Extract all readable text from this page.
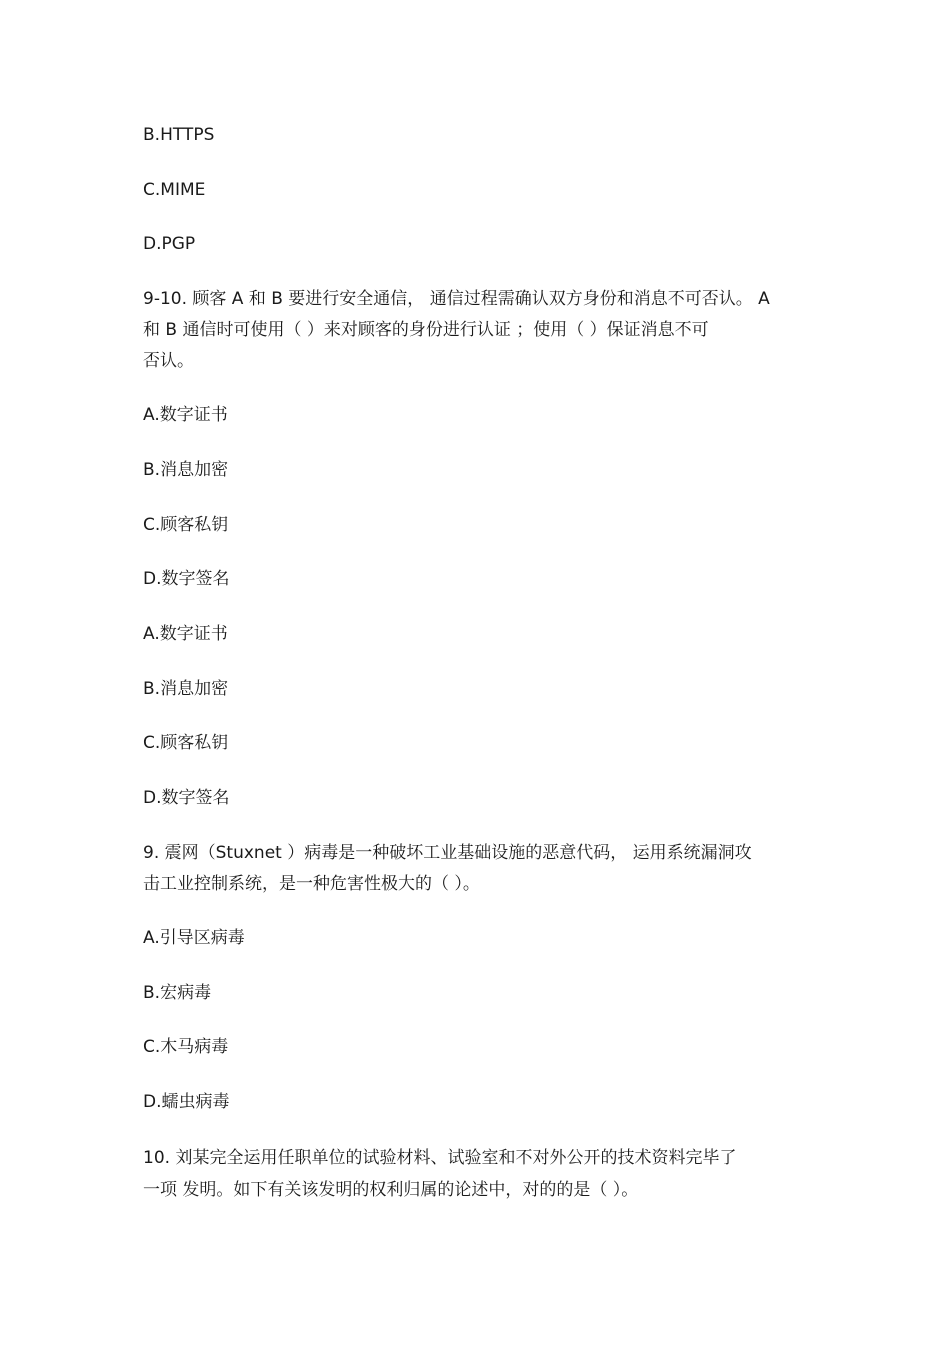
B.HTTPS
C.MIME
D.PGP
9-10. 顾客 A 和 B 要进行安全通信， 通信过程需确认双方身份和消息不可否认。 A
和 B 通信时可使用（ ）来对顾客的身份进行认证 ；使用（ ）保证消息不可
否认。
A.数字证书
B.消息加密
C.顾客私钥
D.数字签名
A.数字证书
B.消息加密
C.顾客私钥
D.数字签名
9. 震网（Stuxnet ）病毒是一种破坏工业基础设施的恶意代码， 运用系统漏洞攻
击工业控制系统，是一种危害性极大的（ ）。
A.引导区病毒
B.宏病毒
C.木马病毒
D.蠕虫病毒
10. 刘某完全运用任职单位的试验材料、试验室和不对外公开的技术资料完毕了
一项 发明。如下有关该发明的权利归属的论述中，对的的是（ ）。
